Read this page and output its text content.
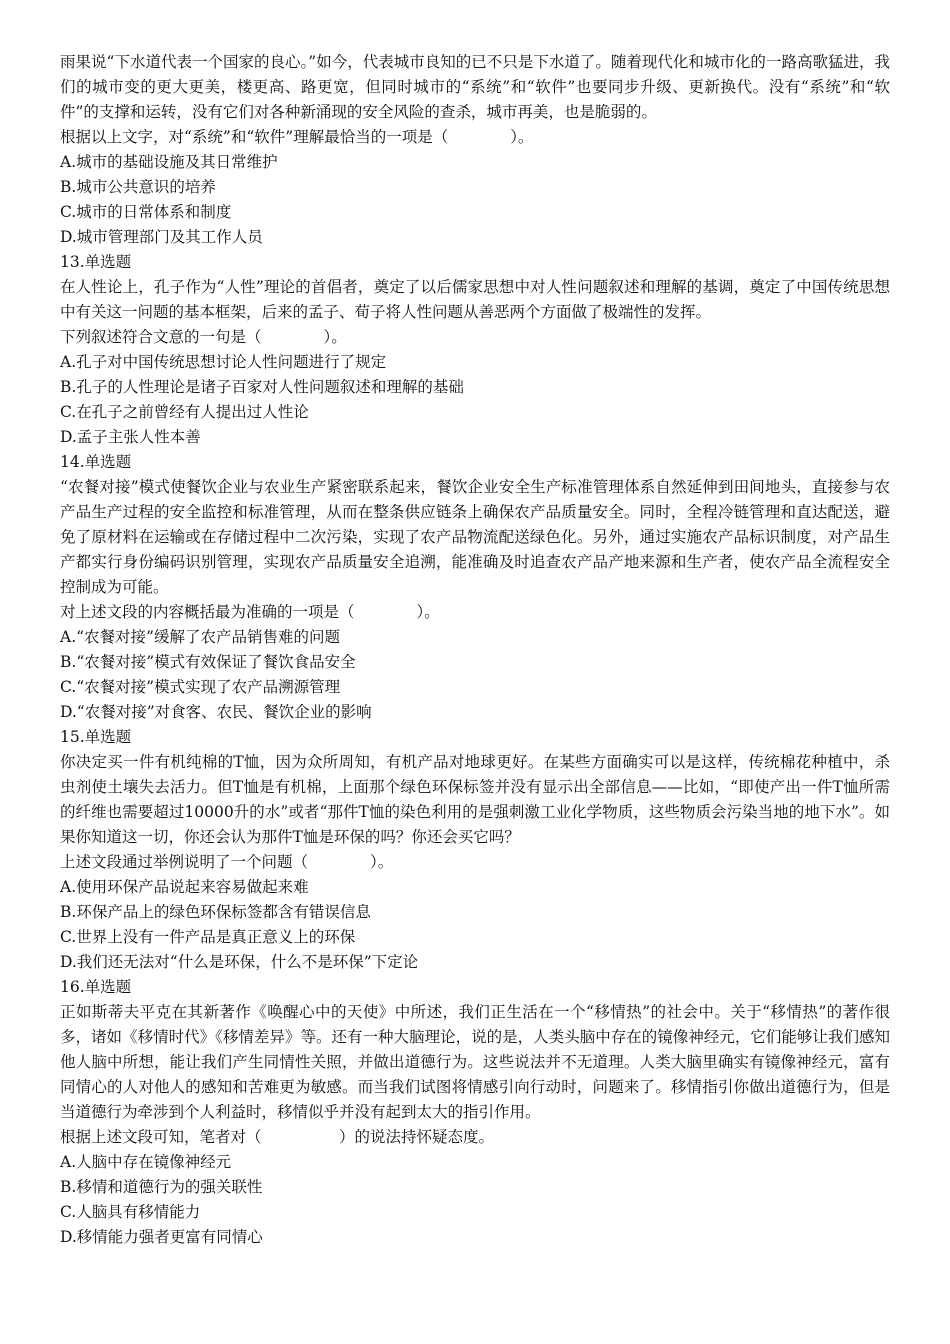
雨果说“下水道代表一个国家的良心。”如今，代表城市良知的已不只是下水道了。随着现代化和城市化的一路高歌猛进，我们的城市变的更大更美，楼更高、路更宽，但同时城市的“系统”和“软件”也要同步升级、更新换代。没有“系统”和“软件”的支撑和运转，没有它们对各种新涌现的安全风险的查杀，城市再美，也是脆弱的。

根据以上文字，对“系统”和“软件”理解最恰当的一项是（　　　　）。

A.城市的基础设施及其日常维护

B.城市公共意识的培养

C.城市的日常体系和制度

D.城市管理部门及其工作人员

13.单选题

在人性论上，孔子作为“人性”理论的首倡者，奠定了以后儒家思想中对人性问题叙述和理解的基调，奠定了中国传统思想中有关这一问题的基本框架，后来的孟子、荀子将人性问题从善恶两个方面做了极端性的发挥。

下列叙述符合文意的一句是（　　　　）。

A.孔子对中国传统思想讨论人性问题进行了规定

B.孔子的人性理论是诸子百家对人性问题叙述和理解的基础

C.在孔子之前曾经有人提出过人性论

D.孟子主张人性本善

14.单选题

“农餐对接”模式使餐饮企业与农业生产紧密联系起来，餐饮企业安全生产标准管理体系自然延伸到田间地头，直接参与农产品生产过程的安全监控和标准管理，从而在整条供应链条上确保农产品质量安全。同时，全程冷链管理和直达配送，避免了原材料在运输或在存储过程中二次污染，实现了农产品物流配送绿色化。另外，通过实施农产品标识制度，对产品生产都实行身份编码识别管理，实现农产品质量安全追溯，能准确及时追查农产品产地来源和生产者，使农产品全流程安全控制成为可能。

对上述文段的内容概括最为准确的一项是（　　　　）。

A.“农餐对接”缓解了农产品销售难的问题

B.“农餐对接”模式有效保证了餐饮食品安全

C.“农餐对接”模式实现了农产品溯源管理

D.“农餐对接”对食客、农民、餐饮企业的影响

15.单选题

你决定买一件有机纯棉的T恤，因为众所周知，有机产品对地球更好。在某些方面确实可以是这样，传统棉花种植中，杀虫剂使土壤失去活力。但T恤是有机棉，上面那个绿色环保标签并没有显示出全部信息——比如，“即使产出一件T恤所需的纤维也需要超过10000升的水”或者“那件T恤的染色利用的是强刺激工业化学物质，这些物质会污染当地的地下水”。如果你知道这一切，你还会认为那件T恤是环保的吗？你还会买它吗？

上述文段通过举例说明了一个问题（　　　　）。

A.使用环保产品说起来容易做起来难

B.环保产品上的绿色环保标签都含有错误信息

C.世界上没有一件产品是真正意义上的环保

D.我们还无法对“什么是环保，什么不是环保”下定论

16.单选题

正如斯蒂夫平克在其新著作《唤醒心中的天使》中所述，我们正生活在一个“移情热”的社会中。关于“移情热”的著作很多，诸如《移情时代》《移情差异》等。还有一种大脑理论，说的是，人类头脑中存在的镜像神经元，它们能够让我们感知他人脑中所想，能让我们产生同情性关照，并做出道德行为。这些说法并不无道理。人类大脑里确实有镜像神经元，富有同情心的人对他人的感知和苦难更为敏感。而当我们试图将情感引向行动时，问题来了。移情指引你做出道德行为，但是当道德行为牵涉到个人利益时，移情似乎并没有起到太大的指引作用。

根据上述文段可知，笔者对（　　　　　）的说法持怀疑态度。

A.人脑中存在镜像神经元

B.移情和道德行为的强关联性

C.人脑具有移情能力

D.移情能力强者更富有同情心
